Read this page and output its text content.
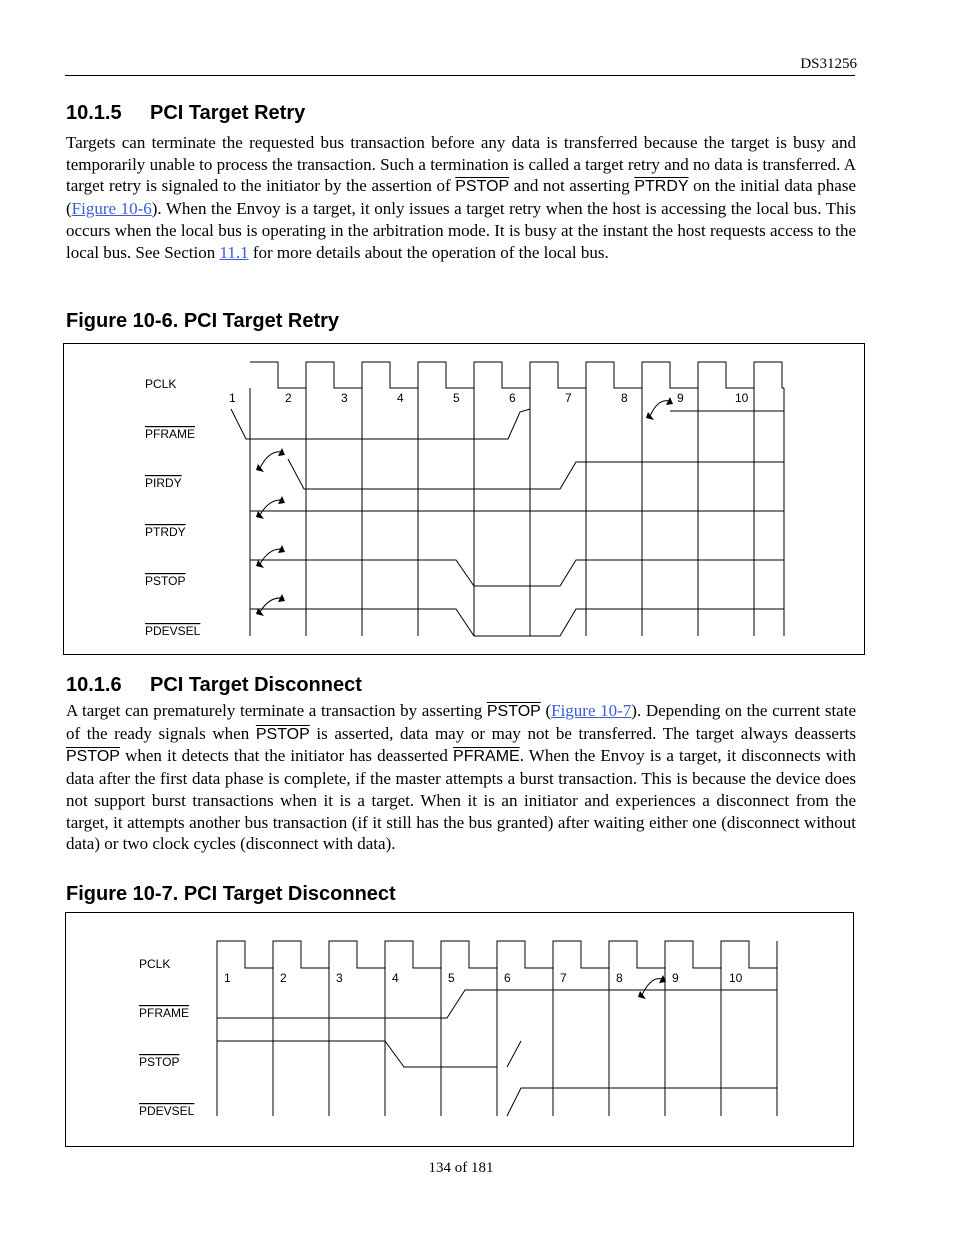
DS31256
10.1.5 PCI Target Retry

Targets can terminate the requested bus transaction before any data is transferred because the target is busy and temporarily unable to process the transaction. Such a termination is called a target retry and no data is transferred. A target retry is signaled to the initiator by the assertion of PSTOP and not asserting PTRDY on the initial data phase (Figure 10-6). When the Envoy is a target, it only issues a target retry when the host is accessing the local bus. This occurs when the local bus is operating in the arbitration mode. It is busy at the instant the host requests access to the local bus. See Section 11.1 for more details about the operation of the local bus.

Figure 10-6. PCI Target Retry
PCLK
PFRAME
PIRDY
PTRDY
PSTOP
PDEVSEL
1	2	3	4	5	6	7	8	9	10
10.1.6 PCI Target Disconnect

A target can prematurely terminate a transaction by asserting PSTOP (Figure 10-7). Depending on the current state of the ready signals when PSTOP is asserted, data may or may not be transferred. The target always deasserts PSTOP when it detects that the initiator has deasserted PFRAME. When the Envoy is a target, it disconnects with data after the first data phase is complete, if the master attempts a burst transaction. This is because the device does not support burst transactions when it is a target. When it is an initiator and experiences a disconnect from the target, it attempts another bus transaction (if it still has the bus granted) after waiting either one (disconnect without data) or two clock cycles (disconnect with data).

Figure 10-7. PCI Target Disconnect
PCLK
PFRAME
PSTOP
PDEVSEL
1	2	3	4	5	6	7	8	9	10
134 of 181
